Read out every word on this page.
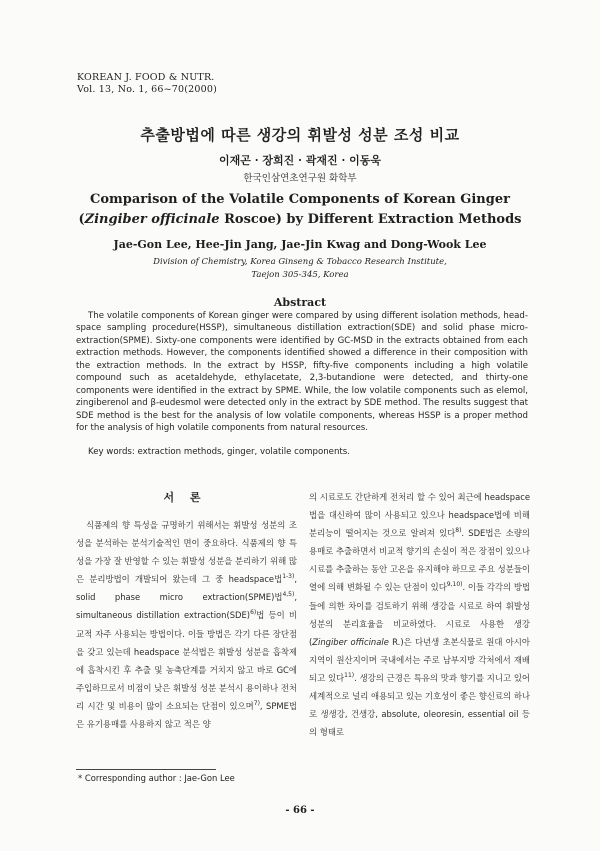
KOREAN J. FOOD & NUTR.
Vol. 13, No. 1, 66~70(2000)
추출방법에 따른 생강의 휘발성 성분 조성 비교
이재곤 · 장희진 · 곽재진 · 이동욱
한국인삼연초연구원 화학부
Comparison of the Volatile Components of Korean Ginger
(Zingiber officinale Roscoe) by Different Extraction Methods
Jae-Gon Lee, Hee-Jin Jang, Jae-Jin Kwag and Dong-Wook Lee
Division of Chemistry, Korea Ginseng & Tobacco Research Institute,
Taejon 305-345, Korea
Abstract

The volatile components of Korean ginger were compared by using different isolation methods, head-space sampling procedure(HSSP), simultaneous distillation extraction(SDE) and solid phase micro-extraction(SPME). Sixty-one components were identified by GC-MSD in the extracts obtained from each extraction methods. However, the components identified showed a difference in their composition with the extraction methods. In the extract by HSSP, fifty-five components including a high volatile compound such as acetaldehyde, ethylacetate, 2,3-butandione were detected, and thirty-one components were identified in the extract by SPME. While, the low volatile components such as elemol, zingiberenol and β-eudesmol were detected only in the extract by SDE method. The results suggest that SDE method is the best for the analysis of low volatile components, whereas HSSP is a proper method for the analysis of high volatile components from natural resources.

Key words: extraction methods, ginger, volatile components.
서 론

식품제의 향 특성을 규명하기 위해서는 휘발성 성분의 조성을 분석하는 분석기술적인 면이 중요하다. 식품제의 향 특성을 가장 잘 반영할 수 있는 휘발성 성분을 분리하기 위해 많은 분리방법이 개발되어 왔는데 그 중 headspace법$^{1-3)}$, solid phase micro extraction(SPME)법$^{4,5)}$, simultaneous distillation extraction(SDE)$^{6)}$법 등이 비교적 자주 사용되는 방법이다. 이들 방법은 각기 다른 장단점을 갖고 있는데 headspace 분석법은 휘발성 성분을 흡착제에 흡착시킨 후 추출 및 농축단계를 거치지 않고 바로 GC에 주입하므로서 비점이 낮은 휘발성 성분 분석시 용이하나 전처리 시간 및 비용이 많이 소요되는 단점이 있으며$^{7)}$, SPME법은 유기용매를 사용하지 않고 적은 양

의 시료로도 간단하게 전처리 할 수 있어 최근에 headspace법을 대신하여 많이 사용되고 있으나 headspace법에 비해 분리능이 떨어지는 것으로 알려져 있다$^{8)}$. SDE법은 소량의 용매로 추출하면서 비교적 향기의 손실이 적은 장점이 있으나 시료를 추출하는 동안 고온을 유지해야 하므로 주요 성분들이 열에 의해 변화될 수 있는 단점이 있다$^{9,10)}$. 이들 각각의 방법들에 의한 차이를 검토하기 위해 생강을 시료로 하여 휘발성 성분의 분리효율을 비교하였다. 시료로 사용한 생강(Zingiber officinale R.)은 다년생 초본식물로 원대 아시아 지역이 원산지이며 국내에서는 주로 남부지방 각처에서 재배되고 있다$^{11)}$. 생강의 근경은 특유의 맛과 향기를 지니고 있어 세계적으로 널리 애용되고 있는 기호성이 좋은 향신료의 하나로 생생강, 건생강, absolute, oleoresin, essential oil 등의 형태로

* Corresponding author : Jae-Gon Lee
- 66 -
